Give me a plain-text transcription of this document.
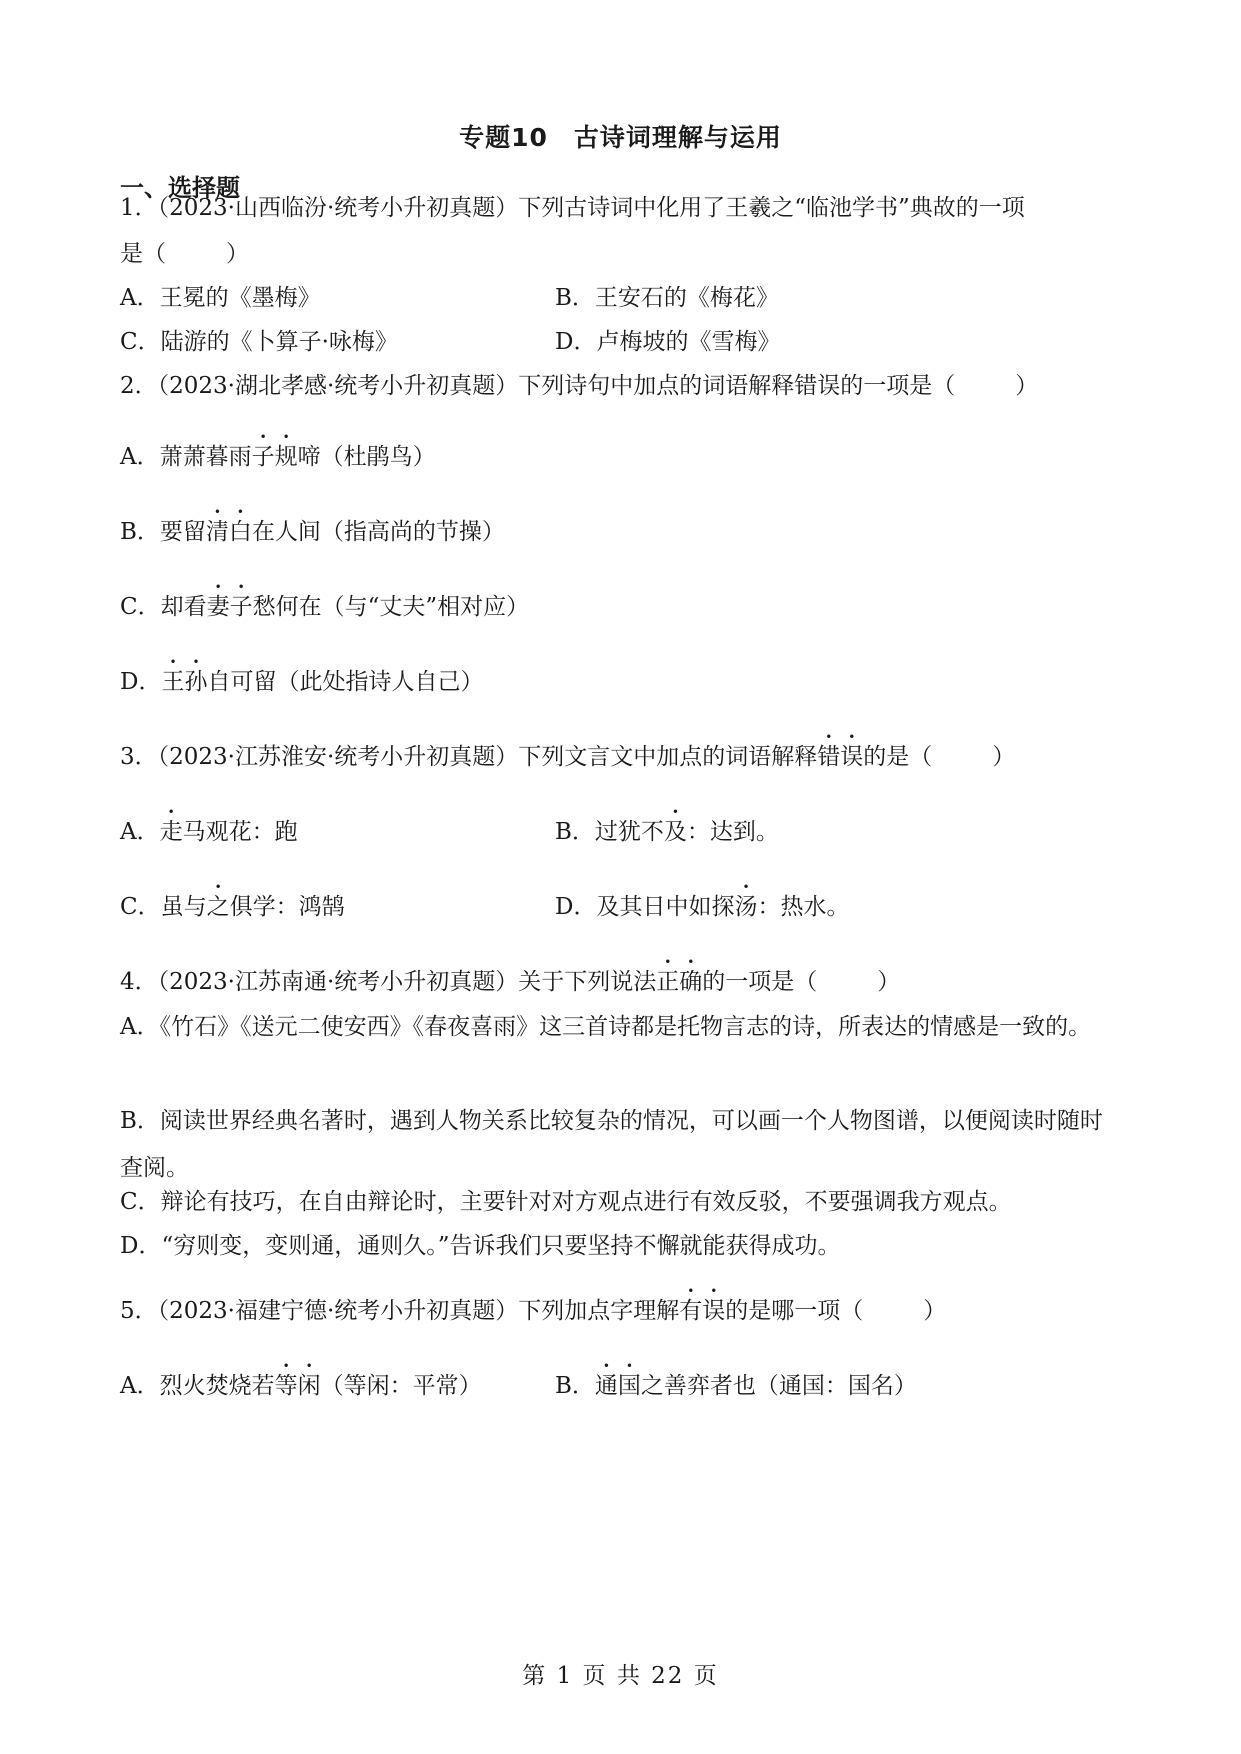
专题10　古诗词理解与运用
一、选择题
1．（2023·山西临汾·统考小升初真题）下列古诗词中化用了王羲之“临池学书”典故的一项
是（	）
A．王冕的《墨梅》	B．王安石的《梅花》
C．陆游的《卜算子·咏梅》	D．卢梅坡的《雪梅》
2．（2023·湖北孝感·统考小升初真题）下列诗句中加点的词语解释错误的一项是（	）
A．萧萧暮雨子规啼（杜鹃鸟）
B．要留清白在人间（指高尚的节操）
C．却看妻子愁何在（与“丈夫”相对应）
D．王孙自可留（此处指诗人自己）
3．（2023·江苏淮安·统考小升初真题）下列文言文中加点的词语解释错误的是（	）
A．走马观花：跑	B．过犹不及：达到。
C．虽与之俱学：鸿鹄	D．及其日中如探汤：热水。
4．（2023·江苏南通·统考小升初真题）关于下列说法正确的一项是（	）
A．《竹石》《送元二使安西》《春夜喜雨》这三首诗都是托物言志的诗，所表达的情感是一致的。
B．阅读世界经典名著时，遇到人物关系比较复杂的情况，可以画一个人物图谱，以便阅读时随时查阅。
C．辩论有技巧，在自由辩论时，主要针对对方观点进行有效反驳，不要强调我方观点。
D．“穷则变，变则通，通则久。”告诉我们只要坚持不懈就能获得成功。
5．（2023·福建宁德·统考小升初真题）下列加点字理解有误的是哪一项（	）
A．烈火焚烧若等闲（等闲：平常）	B．通国之善弈者也（通国：国名）
第 1 页 共 22 页
